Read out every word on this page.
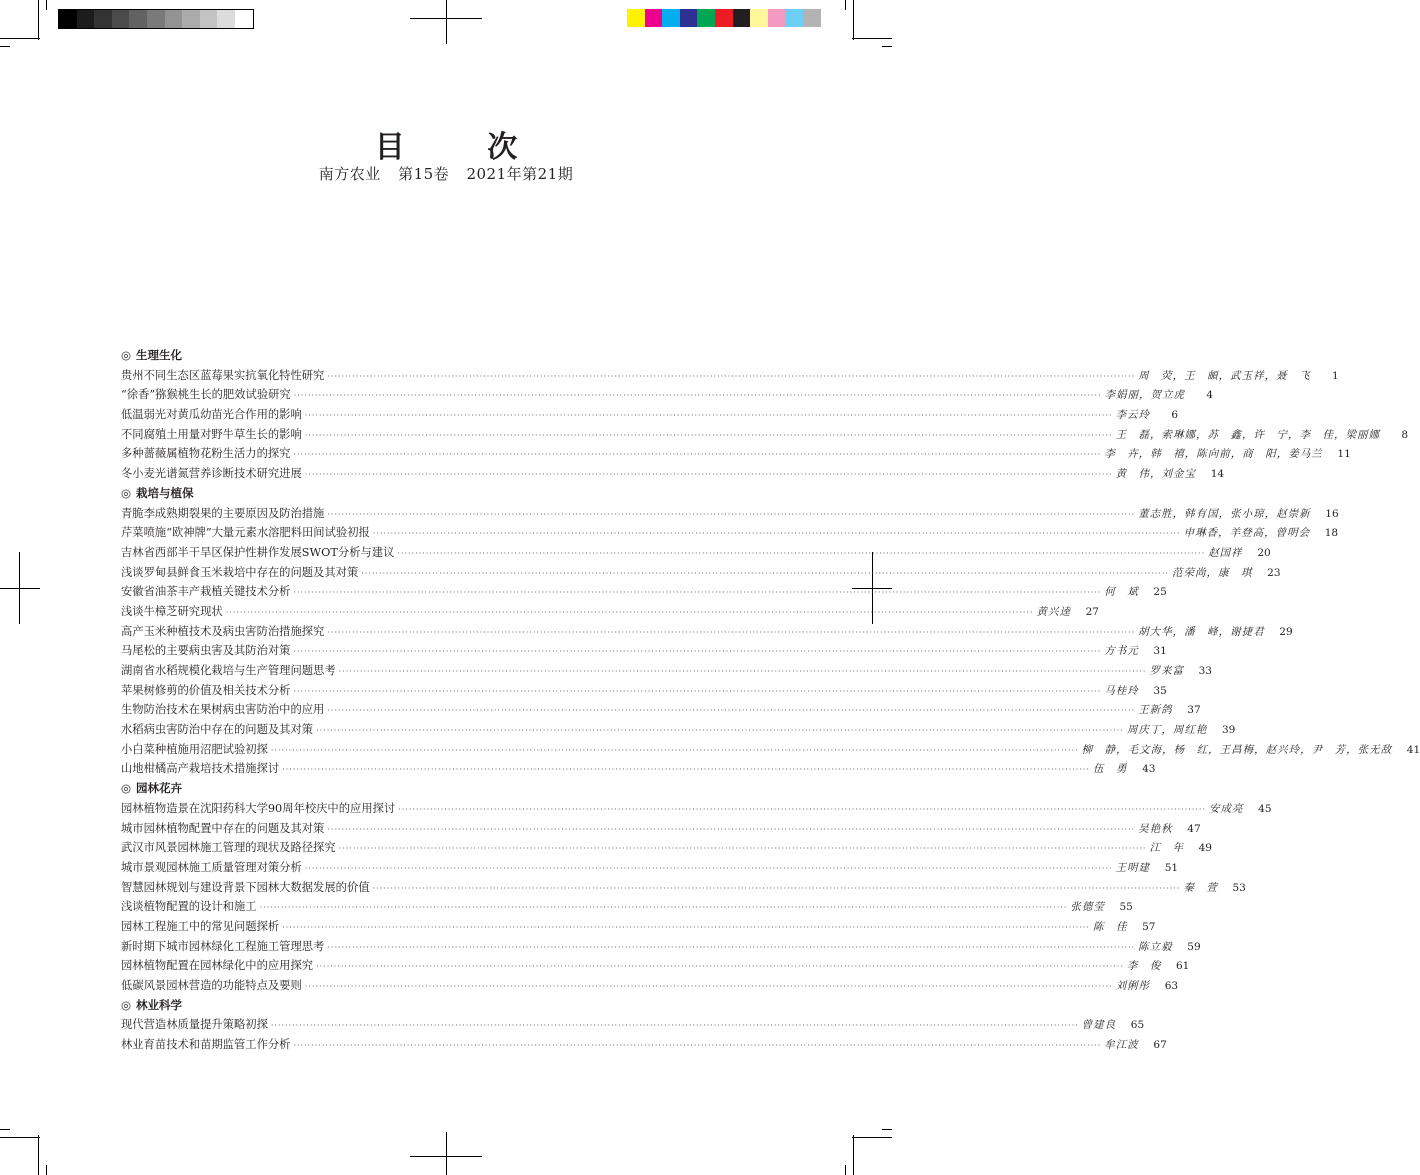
目 次
南方农业 第15卷 2021年第21期
◎ 生理生化
贵州不同生态区蓝莓果实抗氧化特性研究 ·····	周　荧，王　頔，武玉祥，聂　飞	1
“徐香”猕猴桃生长的肥效试验研究 ·····	李娟丽，贺立虎	4
低温弱光对黄瓜幼苗光合作用的影响 ·····	李云玲	6
不同腐殖土用量对野牛草生长的影响 ·····	王　磊，索琳娜，苏　鑫，许　宁，李　佳，梁丽娜	8
多种蔷薇属植物花粉生活力的探究 ·····	李　卉，韩　禧，陈向前，商　阳，姜马兰	11
冬小麦光谱氮营养诊断技术研究进展 ·····	黄　伟，刘金宝	14
◎ 栽培与植保
青脆李成熟期裂果的主要原因及防治措施 ·····	董志胜，韩有国，张小琼，赵崇新	16
芹菜喷施“欧神牌”大量元素水溶肥料田间试验初报 ·····	申琳香，羊登高，曾明会	18
吉林省西部半干旱区保护性耕作发展SWOT分析与建议 ·····	赵国祥	20
浅谈罗甸县鲜食玉米栽培中存在的问题及其对策 ·····	范荣尚，康　琪	23
安徽省油茶丰产栽植关键技术分析 ·····	何　斌	25
浅谈牛樟芝研究现状 ·····	黄兴逵	27
高产玉米种植技术及病虫害防治措施探究 ·····	胡大华，潘　峰，谢捷君	29
马尾松的主要病虫害及其防治对策 ·····	方书元	31
湖南省水稻规模化栽培与生产管理问题思考 ·····	罗来富	33
苹果树修剪的价值及相关技术分析 ·····	马桂玲	35
生物防治技术在果树病虫害防治中的应用 ·····	王新鸽	37
水稻病虫害防治中存在的问题及其对策 ·····	周庆丁，周红艳	39
小白菜种植施用沼肥试验初探 ·····	柳　静，毛文海，杨　红，王昌梅，赵兴玲，尹　芳，张无敌	41
山地柑橘高产栽培技术措施探讨 ·····	伍　勇	43
◎ 园林花卉
园林植物造景在沈阳药科大学90周年校庆中的应用探讨 ·····	安成亮	45
城市园林植物配置中存在的问题及其对策 ·····	吴艳秋	47
武汉市风景园林施工管理的现状及路径探究 ·····	江　年	49
城市景观园林施工质量管理对策分析 ·····	王明建	51
智慧园林规划与建设背景下园林大数据发展的价值 ·····	秦　萱	53
浅谈植物配置的设计和施工 ·····	张德莹	55
园林工程施工中的常见问题探析 ·····	陈　佳	57
新时期下城市园林绿化工程施工管理思考 ·····	陈立毅	59
园林植物配置在园林绿化中的应用探究 ·····	李　俊	61
低碳风景园林营造的功能特点及要则 ·····	刘俐彤	63
◎ 林业科学
现代营造林质量提升策略初探 ·····	曾建良	65
林业育苗技术和苗期监管工作分析 ·····	牟江波	67
